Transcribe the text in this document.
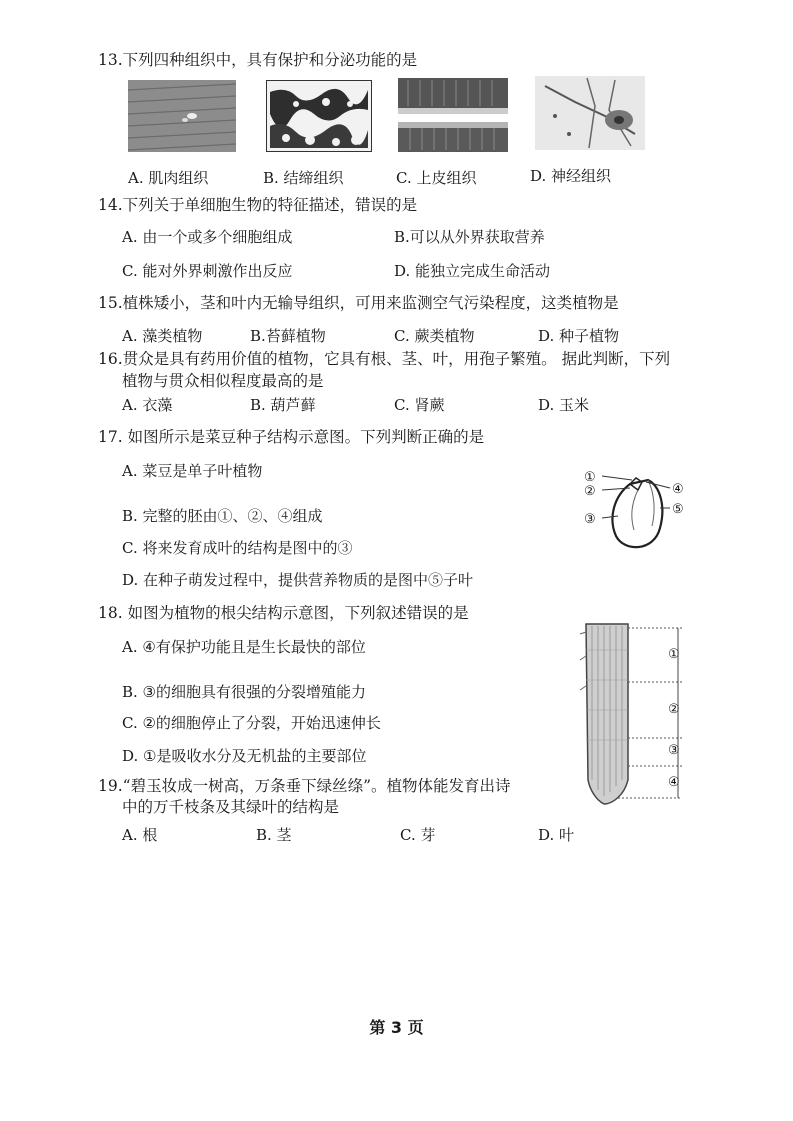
13.下列四种组织中，具有保护和分泌功能的是
A. 肌肉组织	B. 结缔组织	C. 上皮组织	D. 神经组织
14.下列关于单细胞生物的特征描述，错误的是
A. 由一个或多个细胞组成	B.可以从外界获取营养
C. 能对外界刺激作出反应	D. 能独立完成生命活动
15.植株矮小，茎和叶内无输导组织，可用来监测空气污染程度，这类植物是
A. 藻类植物	B.苔藓植物	C. 蕨类植物	D. 种子植物
16.贯众是具有药用价值的植物，它具有根、茎、叶，用孢子繁殖。 据此判断，下列
植物与贯众相似程度最高的是
A. 衣藻	B. 葫芦藓	C. 肾蕨	D. 玉米
17. 如图所示是菜豆种子结构示意图。下列判断正确的是
A. 菜豆是单子叶植物
B. 完整的胚由①、②、④组成
C. 将来发育成叶的结构是图中的③
D. 在种子萌发过程中，提供营养物质的是图中⑤子叶
①
②
③
④
⑤
18. 如图为植物的根尖结构示意图，下列叙述错误的是
A. ④有保护功能且是生长最快的部位
B. ③的细胞具有很强的分裂增殖能力
C. ②的细胞停止了分裂，开始迅速伸长
D. ①是吸收水分及无机盐的主要部位
①
②
③
④
19.“碧玉妆成一树高，万条垂下绿丝绦”。植物体能发育出诗
中的万千枝条及其绿叶的结构是
A. 根	B. 茎	C. 芽	D. 叶
第 3 页
